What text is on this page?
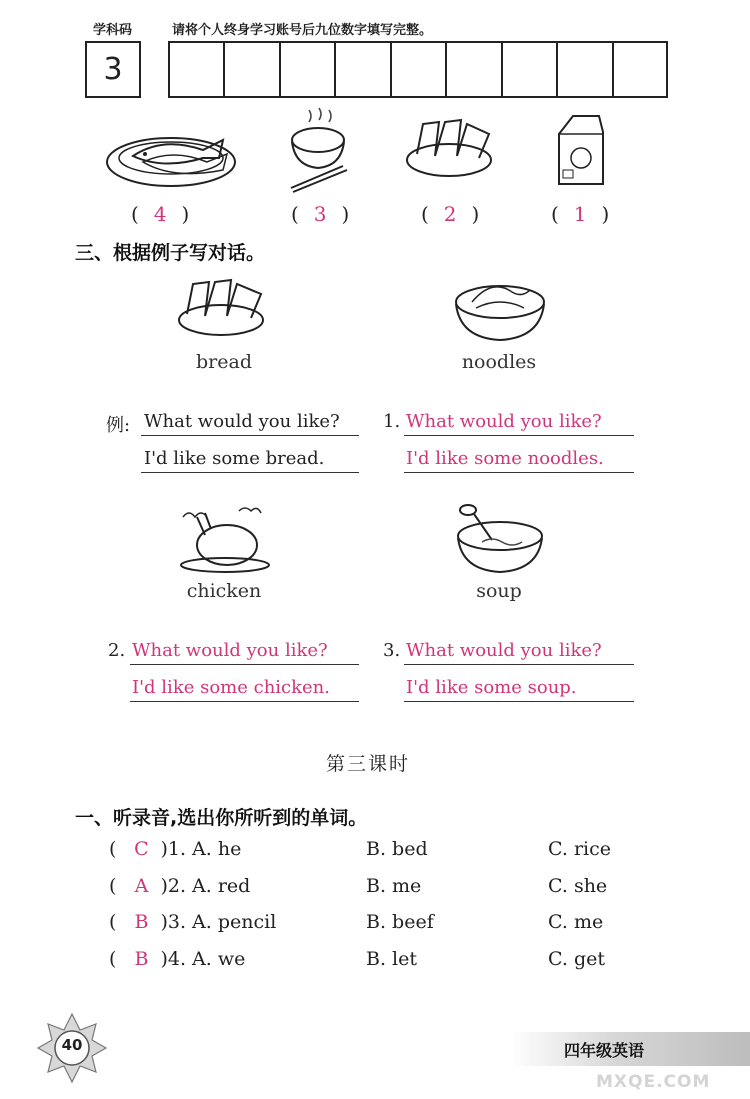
学科码	请将个人终身学习账号后九位数字填写完整。
3
( 4 )	( 3 )	( 2 )	( 1 )
三、根据例子写对话。
bread	noodles
例: What would you like?
I'd like some bread.
1. What would you like?
I'd like some noodles.
chicken	soup
2. What would you like?
I'd like some chicken.
3. What would you like?
I'd like some soup.
第三课时
一、听录音,选出你所听到的单词。
( C )1. A. he	B. bed	C. rice
( A )2. A. red	B. me	C. she
( B )3. A. pencil	B. beef	C. me
( B )4. A. we	B. let	C. get
40	四年级英语
MXQE.COM
